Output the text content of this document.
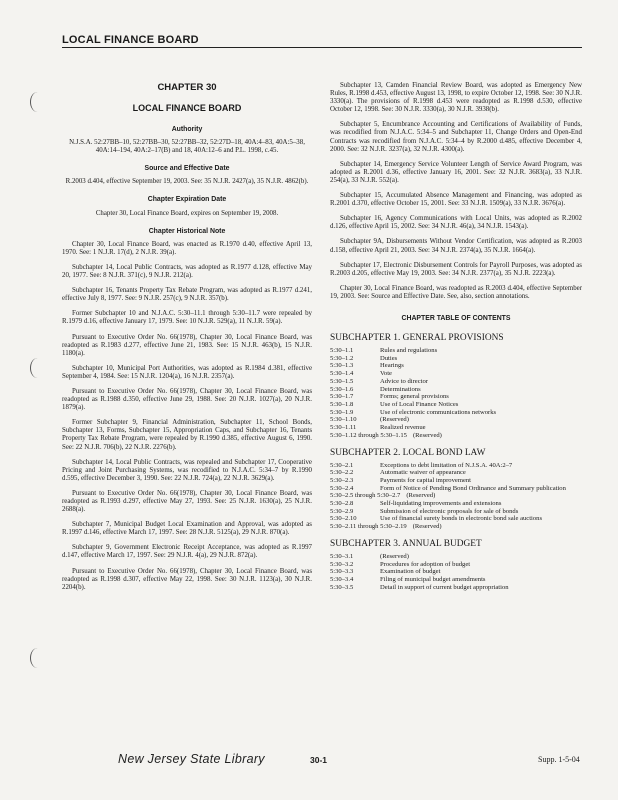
LOCAL FINANCE BOARD
CHAPTER 30
LOCAL FINANCE BOARD
Authority

N.J.S.A. 52:27BB–10, 52:27BB–30, 52:27BB–32, 52:27D–18, 40A:4–83, 40A:5–38, 40A:14–194, 40A:2–17(B) and 18, 40A:12–6 and P.L. 1998, c.45.

Source and Effective Date

R.2003 d.404, effective September 19, 2003. See: 35 N.J.R. 2427(a), 35 N.J.R. 4862(b).

Chapter Expiration Date

Chapter 30, Local Finance Board, expires on September 19, 2008.

Chapter Historical Note

Chapter 30, Local Finance Board, was enacted as R.1970 d.40, effective April 13, 1970. See: 1 N.J.R. 17(d), 2 N.J.R. 39(a).

Subchapter 14, Local Public Contracts, was adopted as R.1977 d.128, effective May 20, 1977. See: 8 N.J.R. 371(c), 9 N.J.R. 212(a).

Subchapter 16, Tenants Property Tax Rebate Program, was adopted as R.1977 d.241, effective July 8, 1977. See: 9 N.J.R. 257(c), 9 N.J.R. 357(b).

Former Subchapter 10 and N.J.A.C. 5:30–11.1 through 5:30–11.7 were repealed by R.1979 d.16, effective January 17, 1979. See: 10 N.J.R. 529(a), 11 N.J.R. 59(a).

Pursuant to Executive Order No. 66(1978), Chapter 30, Local Finance Board, was readopted as R.1983 d.277, effective June 21, 1983. See: 15 N.J.R. 463(b), 15 N.J.R. 1180(a).

Subchapter 10, Municipal Port Authorities, was adopted as R.1984 d.381, effective September 4, 1984. See: 15 N.J.R. 1204(a), 16 N.J.R. 2357(a).

Pursuant to Executive Order No. 66(1978), Chapter 30, Local Finance Board, was readopted as R.1988 d.350, effective June 29, 1988. See: 20 N.J.R. 1027(a), 20 N.J.R. 1879(a).

Former Subchapter 9, Financial Administration, Subchapter 11, School Bonds, Subchapter 13, Forms, Subchapter 15, Appropriation Caps, and Subchapter 16, Tenants Property Tax Rebate Program, were repealed by R.1990 d.385, effective August 6, 1990. See: 22 N.J.R. 706(b), 22 N.J.R. 2276(b).

Subchapter 14, Local Public Contracts, was repealed and Subchapter 17, Cooperative Pricing and Joint Purchasing Systems, was recodified to N.J.A.C. 5:34–7 by R.1990 d.595, effective December 3, 1990. See: 22 N.J.R. 724(a), 22 N.J.R. 3629(a).

Pursuant to Executive Order No. 66(1978), Chapter 30, Local Finance Board, was readopted as R.1993 d.297, effective May 27, 1993. See: 25 N.J.R. 1630(a), 25 N.J.R. 2688(a).

Subchapter 7, Municipal Budget Local Examination and Approval, was adopted as R.1997 d.146, effective March 17, 1997. See: 28 N.J.R. 5125(a), 29 N.J.R. 870(a).

Subchapter 9, Government Electronic Receipt Acceptance, was adopted as R.1997 d.147, effective March 17, 1997. See: 29 N.J.R. 4(a), 29 N.J.R. 872(a).

Pursuant to Executive Order No. 66(1978), Chapter 30, Local Finance Board, was readopted as R.1998 d.307, effective May 22, 1998. See: 30 N.J.R. 1123(a), 30 N.J.R. 2204(b).

Subchapter 13, Camden Financial Review Board, was adopted as Emergency New Rules, R.1998 d.453, effective August 13, 1998, to expire October 12, 1998. See: 30 N.J.R. 3330(a). The provisions of R.1998 d.453 were readopted as R.1998 d.530, effective October 12, 1998. See: 30 N.J.R. 3330(a), 30 N.J.R. 3938(b).

Subchapter 5, Encumbrance Accounting and Certifications of Availability of Funds, was recodified from N.J.A.C. 5:34–5 and Subchapter 11, Change Orders and Open-End Contracts was recodified from N.J.A.C. 5:34–4 by R.2000 d.485, effective December 4, 2000. See: 32 N.J.R. 3237(a), 32 N.J.R. 4300(a).

Subchapter 14, Emergency Service Volunteer Length of Service Award Program, was adopted as R.2001 d.36, effective January 16, 2001. See: 32 N.J.R. 3683(a), 33 N.J.R. 254(a), 33 N.J.R. 552(a).

Subchapter 15, Accumulated Absence Management and Financing, was adopted as R.2001 d.370, effective October 15, 2001. See: 33 N.J.R. 1509(a), 33 N.J.R. 3676(a).

Subchapter 16, Agency Communications with Local Units, was adopted as R.2002 d.126, effective April 15, 2002. See: 34 N.J.R. 46(a), 34 N.J.R. 1543(a).

Subchapter 9A, Disbursements Without Vendor Certification, was adopted as R.2003 d.158, effective April 21, 2003. See: 34 N.J.R. 2374(a), 35 N.J.R. 1664(a).

Subchapter 17, Electronic Disbursement Controls for Payroll Purposes, was adopted as R.2003 d.205, effective May 19, 2003. See: 34 N.J.R. 2377(a), 35 N.J.R. 2223(a).

Chapter 30, Local Finance Board, was readopted as R.2003 d.404, effective September 19, 2003. See: Source and Effective Date. See, also, section annotations.

CHAPTER TABLE OF CONTENTS
SUBCHAPTER 1. GENERAL PROVISIONS
5:30–1.1	Rules and regulations
5:30–1.2	Duties
5:30–1.3	Hearings
5:30–1.4	Vote
5:30–1.5	Advice to director
5:30–1.6	Determinations
5:30–1.7	Forms; general provisions
5:30–1.8	Use of Local Finance Notices
5:30–1.9	Use of electronic communications networks
5:30–1.10	(Reserved)
5:30–1.11	Realized revenue
5:30–1.12 through 5:30–1.15 (Reserved)
SUBCHAPTER 2. LOCAL BOND LAW
5:30–2.1	Exceptions to debt limitation of N.J.S.A. 40A:2–7
5:30–2.2	Automatic waiver of appearance
5:30–2.3	Payments for capital improvement
5:30–2.4	Form of Notice of Pending Bond Ordinance and Summary publication
5:30–2.5 through 5:30–2.7 (Reserved)
5:30–2.8	Self-liquidating improvements and extensions
5:30–2.9	Submission of electronic proposals for sale of bonds
5:30–2.10	Use of financial surety bonds in electronic bond sale auctions
5:30–2.11 through 5:30–2.19 (Reserved)
SUBCHAPTER 3. ANNUAL BUDGET
5:30–3.1	(Reserved)
5:30–3.2	Procedures for adoption of budget
5:30–3.3	Examination of budget
5:30–3.4	Filing of municipal budget amendments
5:30–3.5	Detail in support of current budget appropriation
New Jersey State Library	30-1	Supp. 1-5-04
